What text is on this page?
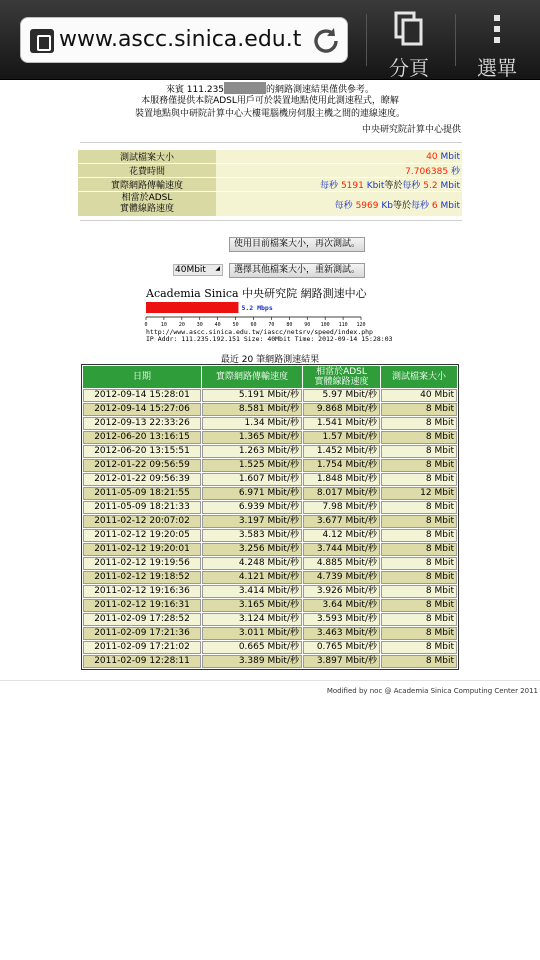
www.ascc.sinica.edu.t
分頁	選單
來賓 111.235	的網路測速結果僅供參考。
本服務僅提供本院ADSL用戶可於裝置地點使用此測速程式，瞭解
裝置地點與中研院計算中心大樓電腦機房伺服主機之間的連線速度。
中央研究院計算中心提供
測試檔案大小	40 Mbit
花費時間	7.706385 秒
實際網路傳輸速度	每秒 5191 Kbit等於每秒 5.2 Mbit
相當於ADSL
實體線路速度	每秒 5969 Kb等於每秒 6 Mbit
使用目前檔案大小，再次測試。
40Mbit ◢	選擇其他檔案大小，重新測試。
Academia Sinica 中央研究院 網路測速中心
5.2 Mbps
0	10 20 30 40 50 60 70 80 90 100 110 120
http://www.ascc.sinica.edu.tw/iascc/netsrv/speed/index.php
IP Addr: 111.235.192.151 Size: 40Mbit Time: 2012-09-14 15:28:03
最近 20 筆網路測速結果
日期	實際網路傳輸速度	相當於ADSL
實體線路速度	測試檔案大小
2012-09-14 15:28:01	5.191 Mbit/秒	5.97 Mbit/秒	40 Mbit
2012-09-14 15:27:06	8.581 Mbit/秒	9.868 Mbit/秒	8 Mbit
2012-09-13 22:33:26	1.34 Mbit/秒	1.541 Mbit/秒	8 Mbit
2012-06-20 13:16:15	1.365 Mbit/秒	1.57 Mbit/秒	8 Mbit
2012-06-20 13:15:51	1.263 Mbit/秒	1.452 Mbit/秒	8 Mbit
2012-01-22 09:56:59	1.525 Mbit/秒	1.754 Mbit/秒	8 Mbit
2012-01-22 09:56:39	1.607 Mbit/秒	1.848 Mbit/秒	8 Mbit
2011-05-09 18:21:55	6.971 Mbit/秒	8.017 Mbit/秒	12 Mbit
2011-05-09 18:21:33	6.939 Mbit/秒	7.98 Mbit/秒	8 Mbit
2011-02-12 20:07:02	3.197 Mbit/秒	3.677 Mbit/秒	8 Mbit
2011-02-12 19:20:05	3.583 Mbit/秒	4.12 Mbit/秒	8 Mbit
2011-02-12 19:20:01	3.256 Mbit/秒	3.744 Mbit/秒	8 Mbit
2011-02-12 19:19:56	4.248 Mbit/秒	4.885 Mbit/秒	8 Mbit
2011-02-12 19:18:52	4.121 Mbit/秒	4.739 Mbit/秒	8 Mbit
2011-02-12 19:16:36	3.414 Mbit/秒	3.926 Mbit/秒	8 Mbit
2011-02-12 19:16:31	3.165 Mbit/秒	3.64 Mbit/秒	8 Mbit
2011-02-09 17:28:52	3.124 Mbit/秒	3.593 Mbit/秒	8 Mbit
2011-02-09 17:21:36	3.011 Mbit/秒	3.463 Mbit/秒	8 Mbit
2011-02-09 17:21:02	0.665 Mbit/秒	0.765 Mbit/秒	8 Mbit
2011-02-09 12:28:11	3.389 Mbit/秒	3.897 Mbit/秒	8 Mbit
Modified by noc @ Academia Sinica Computing Center 2011
